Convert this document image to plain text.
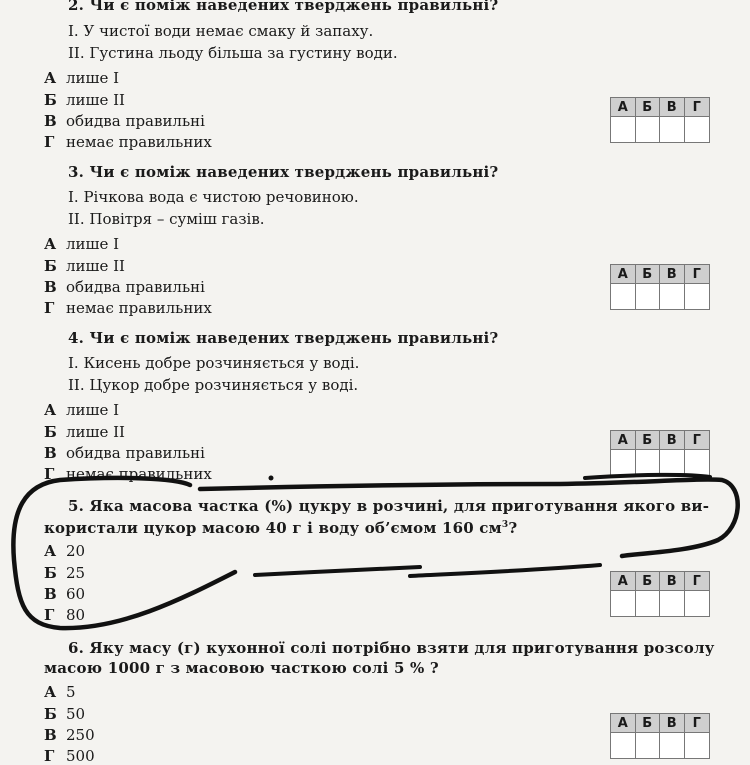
2. Чи є поміж наведених тверджень правильні?
І. У чистої води немає смаку й запаху.
ІІ. Густина льоду більша за густину води.
А лише І
Б лише ІІ
В обидва правильні
Г немає правильних
А	Б	В	Г
3. Чи є поміж наведених тверджень правильні?
І. Річкова вода є чистою речовиною.
ІІ. Повітря – суміш газів.
А лише І
Б лише ІІ
В обидва правильні
Г немає правильних
А	Б	В	Г
4. Чи є поміж наведених тверджень правильні?
І. Кисень добре розчиняється у воді.
ІІ. Цукор добре розчиняється у воді.
А лише І
Б лише ІІ
В обидва правильні
Г немає правильних
А	Б	В	Г
5. Яка масова частка (%) цукру в розчині, для приготування якого ви-
користали цукор масою 40 г і воду об’ємом 160 $см^3$?
А 20
Б 25
В 60
Г 80
А	Б	В	Г
6. Яку масу (г) кухонної солі потрібно взяти для приготування розсолу
масою 1000 г з масовою часткою солі 5 % ?
А 5
Б 50
В 250
Г 500
А	Б	В	Г
